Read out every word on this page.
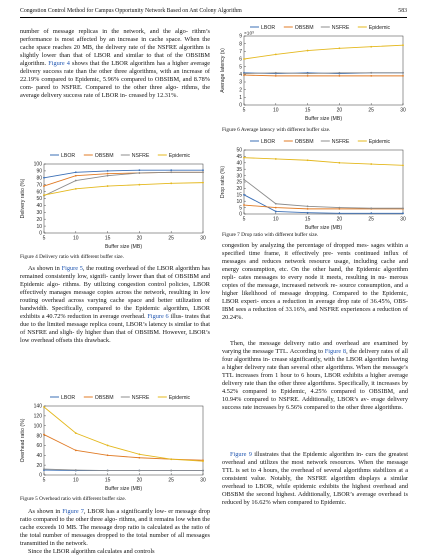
Congestion Control Method for Campus Opportunity Network Based on Ant Colony Algorithm	583

number of message replicas in the network, and the algo- rithm’s performance is most affected by an increase in cache space. When the cache space reaches 20 MB, the delivery rate of the NSFRE algorithm is slightly lower than that of LBOR and similar to that of the OBSIBM algorithm. Figure 4 shows that the LBOR algorithm has a higher average delivery success rate than the other three algorithms, with an increase of 22.19% compared to Epidemic, 5.96% compared to OBSIBM, and 8.78% com- pared to NSFRE. Compared to the other three algo- rithms, the average delivery success rate of LBOR in- creased by 12.31%.

LBOR	OBSBM	NSFRE	Epidemic
0
10
20
30
40
50
60
70
80
90
100
5	10	15	20	25	30
Buffer size (MB)
Delivery ratio (%)
Figure 4 Delivery ratio with different buffer size.

As shown in Figure 5, the routing overhead of the LBOR algorithm has remained consistently low, signifi- cantly lower than that of OBSIBM and Epidemic algo- rithms. By utilizing congestion control policies, LBOR effectively manages message copies across the network, resulting in low routing overhead across varying cache space and better utilization of bandwidth. Specifically, compared to the Epidemic algorithm, LBOR exhibits a 40.72% reduction in average overhead. Figure 6 illus- trates that due to the limited message replica count, LBOR’s latency is similar to that of NSFRE and sligh- tly higher than that of OBSIBM. However, LBOR’s low overhead offsets this drawback.

LBOR	OBSBM	NSFRE	Epidemic
0
20
40
60
80
100
120
140
5	10	15	20	25	30
Buffer size (MB)
Overhead ratio (%)
Figure 5 Overhead ratio with different buffer size.

As shown in Figure 7, LBOR has a significantly low- er message drop ratio compared to the other three algo- rithms, and it remains low when the cache exceeds 10 MB. The message drop ratio is calculated as the ratio of the total number of messages dropped to the total number of all messages transmitted in the network.

Since the LBOR algorithm calculates and controls

LBOR	OBSBM	NSFRE	Epidemic
0
1
2
3
4
5
6
7
8
9
5	10	15	20	25	30
Buffer size (MB)
Average latency (s)
×10³
Figure 6 Average latency with different buffer size.
LBOR	OBSBM	NSFRE	Epidemic
0
5
10
15
20
25
30
35
40
45
50
5	10	15	20	25	30
Buffer size (MB)
Drop ratio (%)
Figure 7 Drop ratio with different buffer size.

congestion by analyzing the percentage of dropped mes- sages within a specified time frame, it effectively pre- vents continued influx of messages and reduces network resource usage, including cache and energy consumption, etc. On the other hand, the Epidemic algorithm repli- cates messages to every node it meets, resulting in nu- merous copies of the message, increased network re- source consumption, and a higher likelihood of message dropping. Compared to the Epidemic, LBOR experi- ences a reduction in average drop rate of 36.45%, OBS- IBM sees a reduction of 33.16%, and NSFRE experiences a reduction of 20.24%.

Then, the message delivery ratio and overhead are examined by varying the message TTL. According to Figure 8, the delivery rates of all four algorithms in- crease significantly, with the LBOR algorithm having a higher delivery rate than several other algorithms. When the message’s TTL increases from 1 hour to 6 hours, LBOR exhibits a higher average delivery rate than the other three algorithms. Specifically, it increases by 4.52% compared to Epidemic, 4.25% compared to OBSIBM, and 10.94% compared to NSFRE. Additionally, LBOR’s av- erage delivery success rate increases by 6.56% compared to the other three algorithms.

Figure 9 illustrates that the Epidemic algorithm in- curs the greatest overhead and utilizes the most network resources. When the message TTL is set to 4 hours, the overhead of several algorithms stabilizes at a consistent value. Notably, the NSFRE algorithm displays a similar overhead to LBOR, while epidemic exhibits the highest overhead and OBSBM the second highest. Additionally, LBOR’s average overhead is reduced by 16.62% when compared to Epidemic.
